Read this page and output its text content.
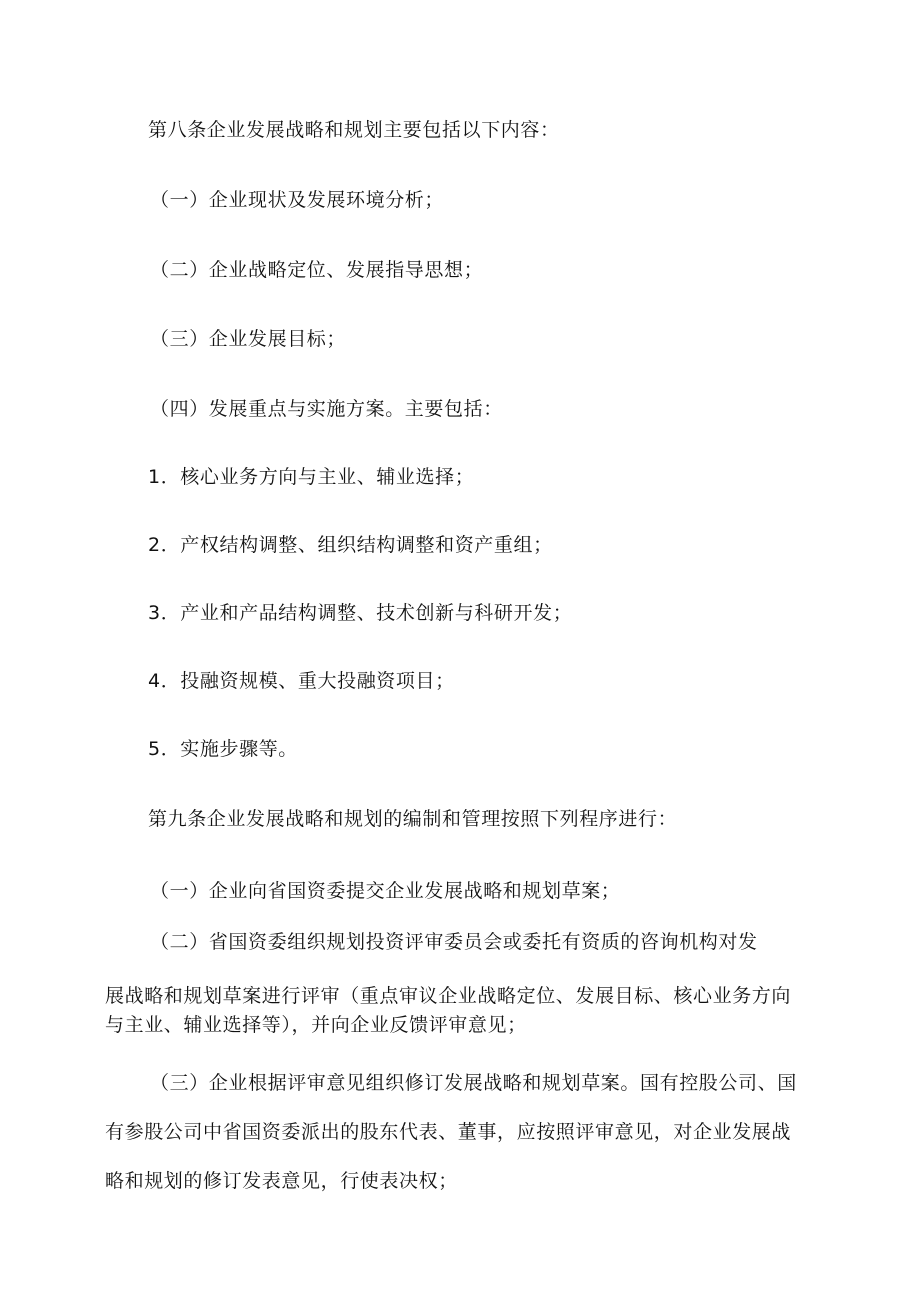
第八条企业发展战略和规划主要包括以下内容：
（一）企业现状及发展环境分析；
（二）企业战略定位、发展指导思想；
（三）企业发展目标；
（四）发展重点与实施方案。主要包括：
1．核心业务方向与主业、辅业选择；
2．产权结构调整、组织结构调整和资产重组；
3．产业和产品结构调整、技术创新与科研开发；
4．投融资规模、重大投融资项目；
5．实施步骤等。
第九条企业发展战略和规划的编制和管理按照下列程序进行：
（一）企业向省国资委提交企业发展战略和规划草案；
（二）省国资委组织规划投资评审委员会或委托有资质的咨询机构对发
展战略和规划草案进行评审（重点审议企业战略定位、发展目标、核心业务方向
与主业、辅业选择等），并向企业反馈评审意见；
（三）企业根据评审意见组织修订发展战略和规划草案。国有控股公司、国
有参股公司中省国资委派出的股东代表、董事，应按照评审意见，对企业发展战
略和规划的修订发表意见，行使表决权；
